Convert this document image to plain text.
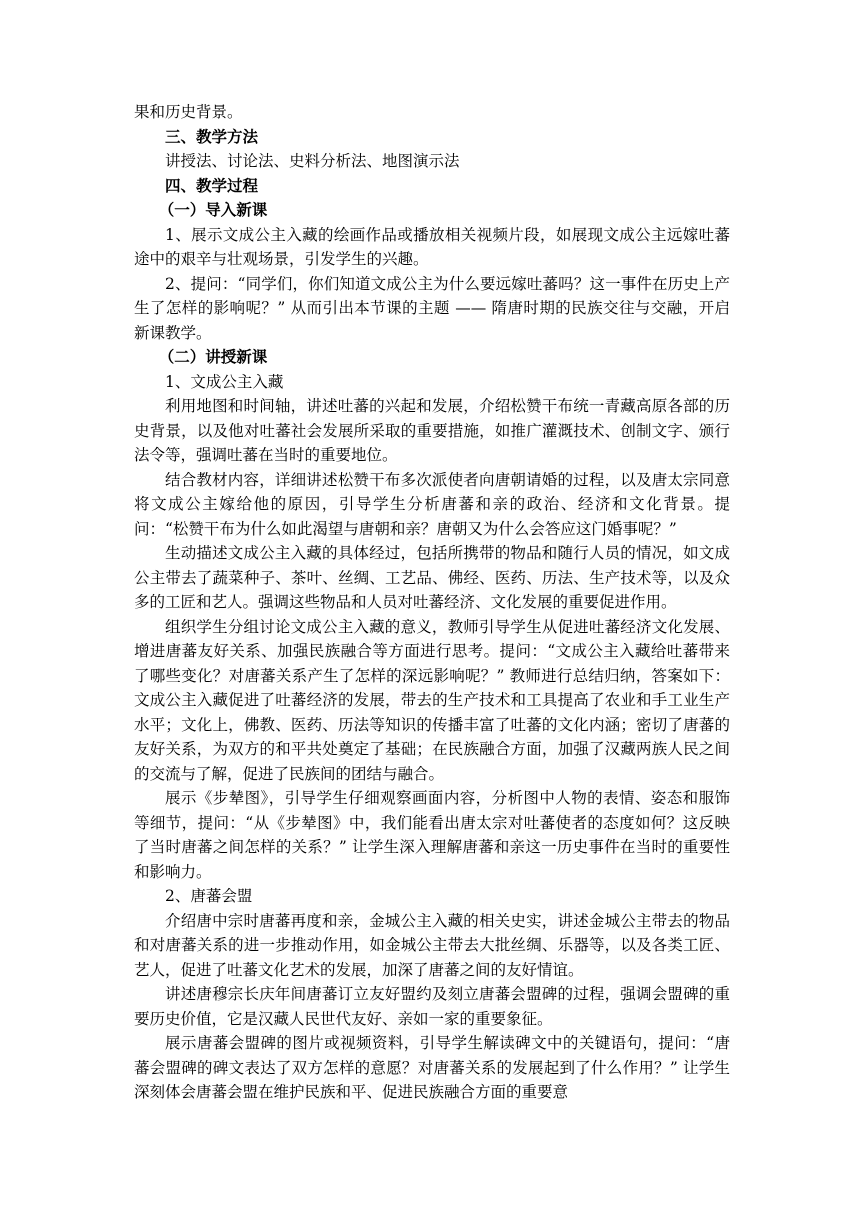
果和历史背景。

三、教学方法

讲授法、讨论法、史料分析法、地图演示法

四、教学过程
（一）导入新课

1、展示文成公主入藏的绘画作品或播放相关视频片段，如展现文成公主远嫁吐蕃途中的艰辛与壮观场景，引发学生的兴趣。

2、提问：“同学们，你们知道文成公主为什么要远嫁吐蕃吗？这一事件在历史上产生了怎样的影响呢？” 从而引出本节课的主题 —— 隋唐时期的民族交往与交融，开启新课教学。

（二）讲授新课

1、文成公主入藏

利用地图和时间轴，讲述吐蕃的兴起和发展，介绍松赞干布统一青藏高原各部的历史背景，以及他对吐蕃社会发展所采取的重要措施，如推广灌溉技术、创制文字、颁行法令等，强调吐蕃在当时的重要地位。

结合教材内容，详细讲述松赞干布多次派使者向唐朝请婚的过程，以及唐太宗同意将文成公主嫁给他的原因，引导学生分析唐蕃和亲的政治、经济和文化背景。提问：“松赞干布为什么如此渴望与唐朝和亲？唐朝又为什么会答应这门婚事呢？”

生动描述文成公主入藏的具体经过，包括所携带的物品和随行人员的情况，如文成公主带去了蔬菜种子、茶叶、丝绸、工艺品、佛经、医药、历法、生产技术等，以及众多的工匠和艺人。强调这些物品和人员对吐蕃经济、文化发展的重要促进作用。

组织学生分组讨论文成公主入藏的意义，教师引导学生从促进吐蕃经济文化发展、增进唐蕃友好关系、加强民族融合等方面进行思考。提问：“文成公主入藏给吐蕃带来了哪些变化？对唐蕃关系产生了怎样的深远影响呢？” 教师进行总结归纳，答案如下：文成公主入藏促进了吐蕃经济的发展，带去的生产技术和工具提高了农业和手工业生产水平；文化上，佛教、医药、历法等知识的传播丰富了吐蕃的文化内涵；密切了唐蕃的友好关系，为双方的和平共处奠定了基础；在民族融合方面，加强了汉藏两族人民之间的交流与了解，促进了民族间的团结与融合。

展示《步辇图》，引导学生仔细观察画面内容，分析图中人物的表情、姿态和服饰等细节，提问：“从《步辇图》中，我们能看出唐太宗对吐蕃使者的态度如何？这反映了当时唐蕃之间怎样的关系？” 让学生深入理解唐蕃和亲这一历史事件在当时的重要性和影响力。

2、唐蕃会盟

介绍唐中宗时唐蕃再度和亲，金城公主入藏的相关史实，讲述金城公主带去的物品和对唐蕃关系的进一步推动作用，如金城公主带去大批丝绸、乐器等，以及各类工匠、艺人，促进了吐蕃文化艺术的发展，加深了唐蕃之间的友好情谊。

讲述唐穆宗长庆年间唐蕃订立友好盟约及刻立唐蕃会盟碑的过程，强调会盟碑的重要历史价值，它是汉藏人民世代友好、亲如一家的重要象征。

展示唐蕃会盟碑的图片或视频资料，引导学生解读碑文中的关键语句，提问：“唐蕃会盟碑的碑文表达了双方怎样的意愿？对唐蕃关系的发展起到了什么作用？” 让学生深刻体会唐蕃会盟在维护民族和平、促进民族融合方面的重要意
